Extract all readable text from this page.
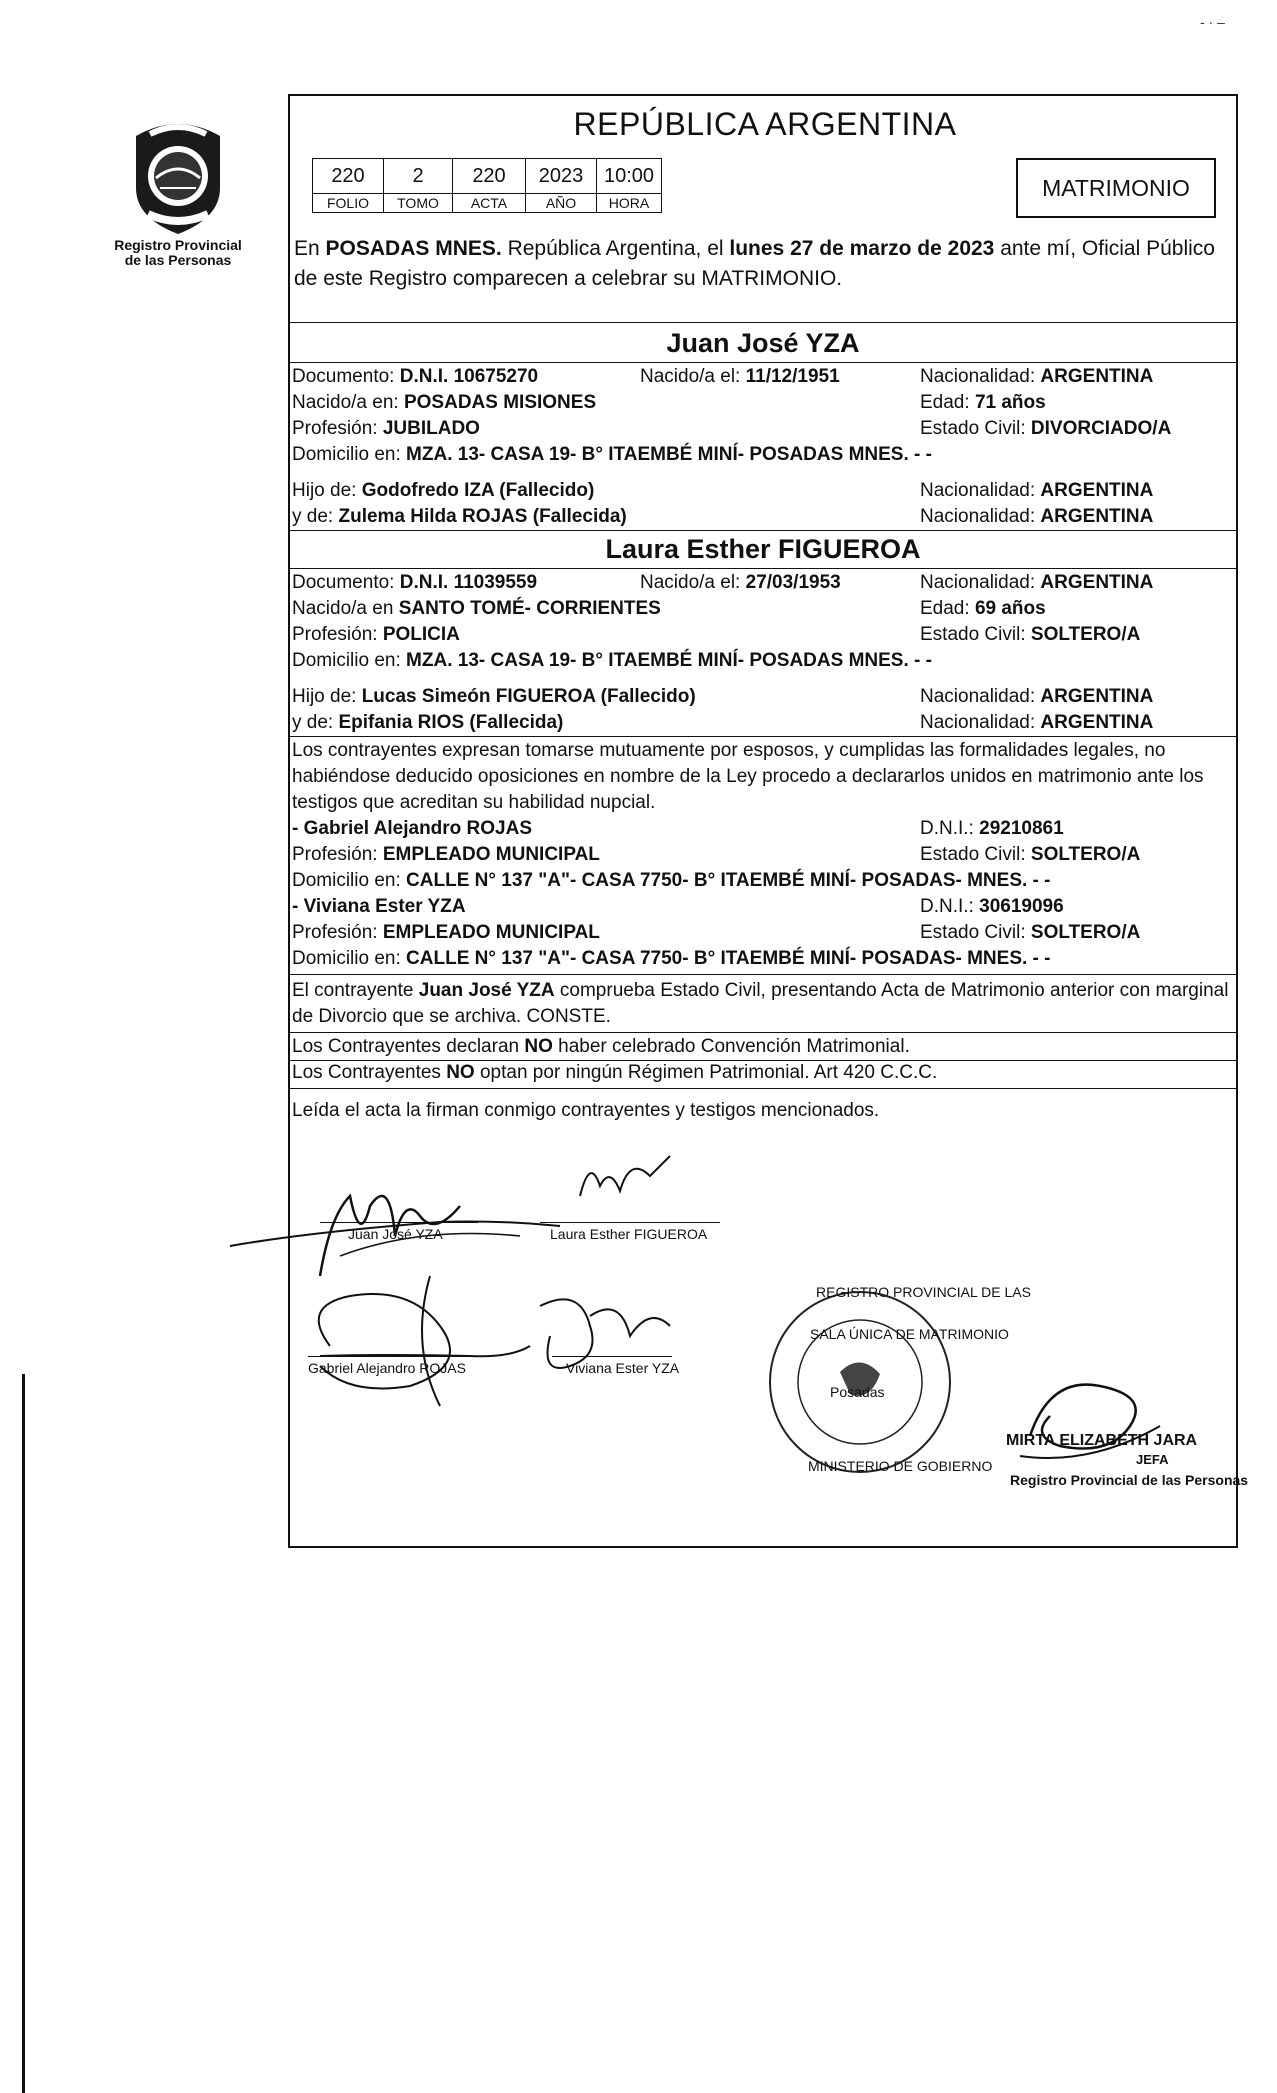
Registro Provincial
de las Personas
REPÚBLICA ARGENTINA
220	2	220	2023	10:00
FOLIO	TOMO	ACTA	AÑO	HORA
MATRIMONIO
En POSADAS MNES. República Argentina, el lunes 27 de marzo de 2023 ante mí, Oficial Público de este Registro comparecen a celebrar su MATRIMONIO.
Juan José YZA
Documento: D.N.I. 10675270	Nacido/a el: 11/12/1951	Nacionalidad: ARGENTINA
Nacido/a en: POSADAS MISIONES	Edad: 71 años
Profesión: JUBILADO	Estado Civil: DIVORCIADO/A
Domicilio en: MZA. 13- CASA 19- B° ITAEMBÉ MINÍ- POSADAS MNES. - -
Hijo de: Godofredo IZA (Fallecido)	Nacionalidad: ARGENTINA
y de: Zulema Hilda ROJAS (Fallecida)	Nacionalidad: ARGENTINA
Laura Esther FIGUEROA
Documento: D.N.I. 11039559	Nacido/a el: 27/03/1953	Nacionalidad: ARGENTINA
Nacido/a en SANTO TOMÉ- CORRIENTES	Edad: 69 años
Profesión: POLICIA	Estado Civil: SOLTERO/A
Domicilio en: MZA. 13- CASA 19- B° ITAEMBÉ MINÍ- POSADAS MNES. - -
Hijo de: Lucas Simeón FIGUEROA (Fallecido)	Nacionalidad: ARGENTINA
y de: Epifania RIOS (Fallecida)	Nacionalidad: ARGENTINA
Los contrayentes expresan tomarse mutuamente por esposos, y cumplidas las formalidades legales, no habiéndose deducido oposiciones en nombre de la Ley procedo a declararlos unidos en matrimonio ante los testigos que acreditan su habilidad nupcial.
- Gabriel Alejandro ROJAS	D.N.I.: 29210861
Profesión: EMPLEADO MUNICIPAL	Estado Civil: SOLTERO/A
Domicilio en: CALLE N° 137 "A"- CASA 7750- B° ITAEMBÉ MINÍ- POSADAS- MNES. - -
- Viviana Ester YZA	D.N.I.: 30619096
Profesión: EMPLEADO MUNICIPAL	Estado Civil: SOLTERO/A
Domicilio en: CALLE N° 137 "A"- CASA 7750- B° ITAEMBÉ MINÍ- POSADAS- MNES. - -
El contrayente Juan José YZA comprueba Estado Civil, presentando Acta de Matrimonio anterior con marginal de Divorcio que se archiva. CONSTE.
Los Contrayentes declaran NO haber celebrado Convención Matrimonial.
Los Contrayentes NO optan por ningún Régimen Patrimonial. Art 420 C.C.C.
Leída el acta la firman conmigo contrayentes y testigos mencionados.
Juan José YZA	Laura Esther FIGUEROA
Gabriel Alejandro ROJAS	Viviana Ester YZA
REGISTRO PROVINCIAL DE LAS
SALA ÚNICA DE MATRIMONIO
Posadas
MINISTERIO DE GOBIERNO
MIRTA ELIZABETH JARA
JEFA
Registro Provincial de las Personas
- · –
